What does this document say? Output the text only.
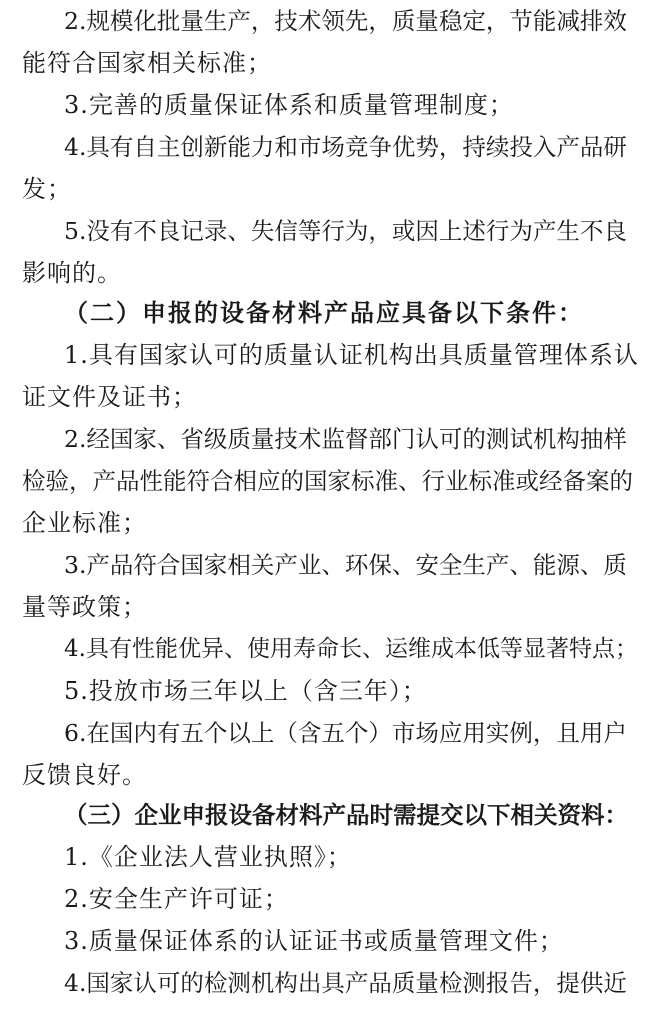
2.规模化批量生产，技术领先，质量稳定，节能减排效
能符合国家相关标准；
3.完善的质量保证体系和质量管理制度；
4.具有自主创新能力和市场竞争优势，持续投入产品研
发；
5.没有不良记录、失信等行为，或因上述行为产生不良
影响的。
（二）申报的设备材料产品应具备以下条件：
1.具有国家认可的质量认证机构出具质量管理体系认
证文件及证书；
2.经国家、省级质量技术监督部门认可的测试机构抽样
检验，产品性能符合相应的国家标准、行业标准或经备案的
企业标准；
3.产品符合国家相关产业、环保、安全生产、能源、质
量等政策；
4.具有性能优异、使用寿命长、运维成本低等显著特点；
5.投放市场三年以上（含三年）；
6.在国内有五个以上（含五个）市场应用实例，且用户
反馈良好。
（三）企业申报设备材料产品时需提交以下相关资料：
1.《企业法人营业执照》；
2.安全生产许可证；
3.质量保证体系的认证证书或质量管理文件；
4.国家认可的检测机构出具产品质量检测报告，提供近
